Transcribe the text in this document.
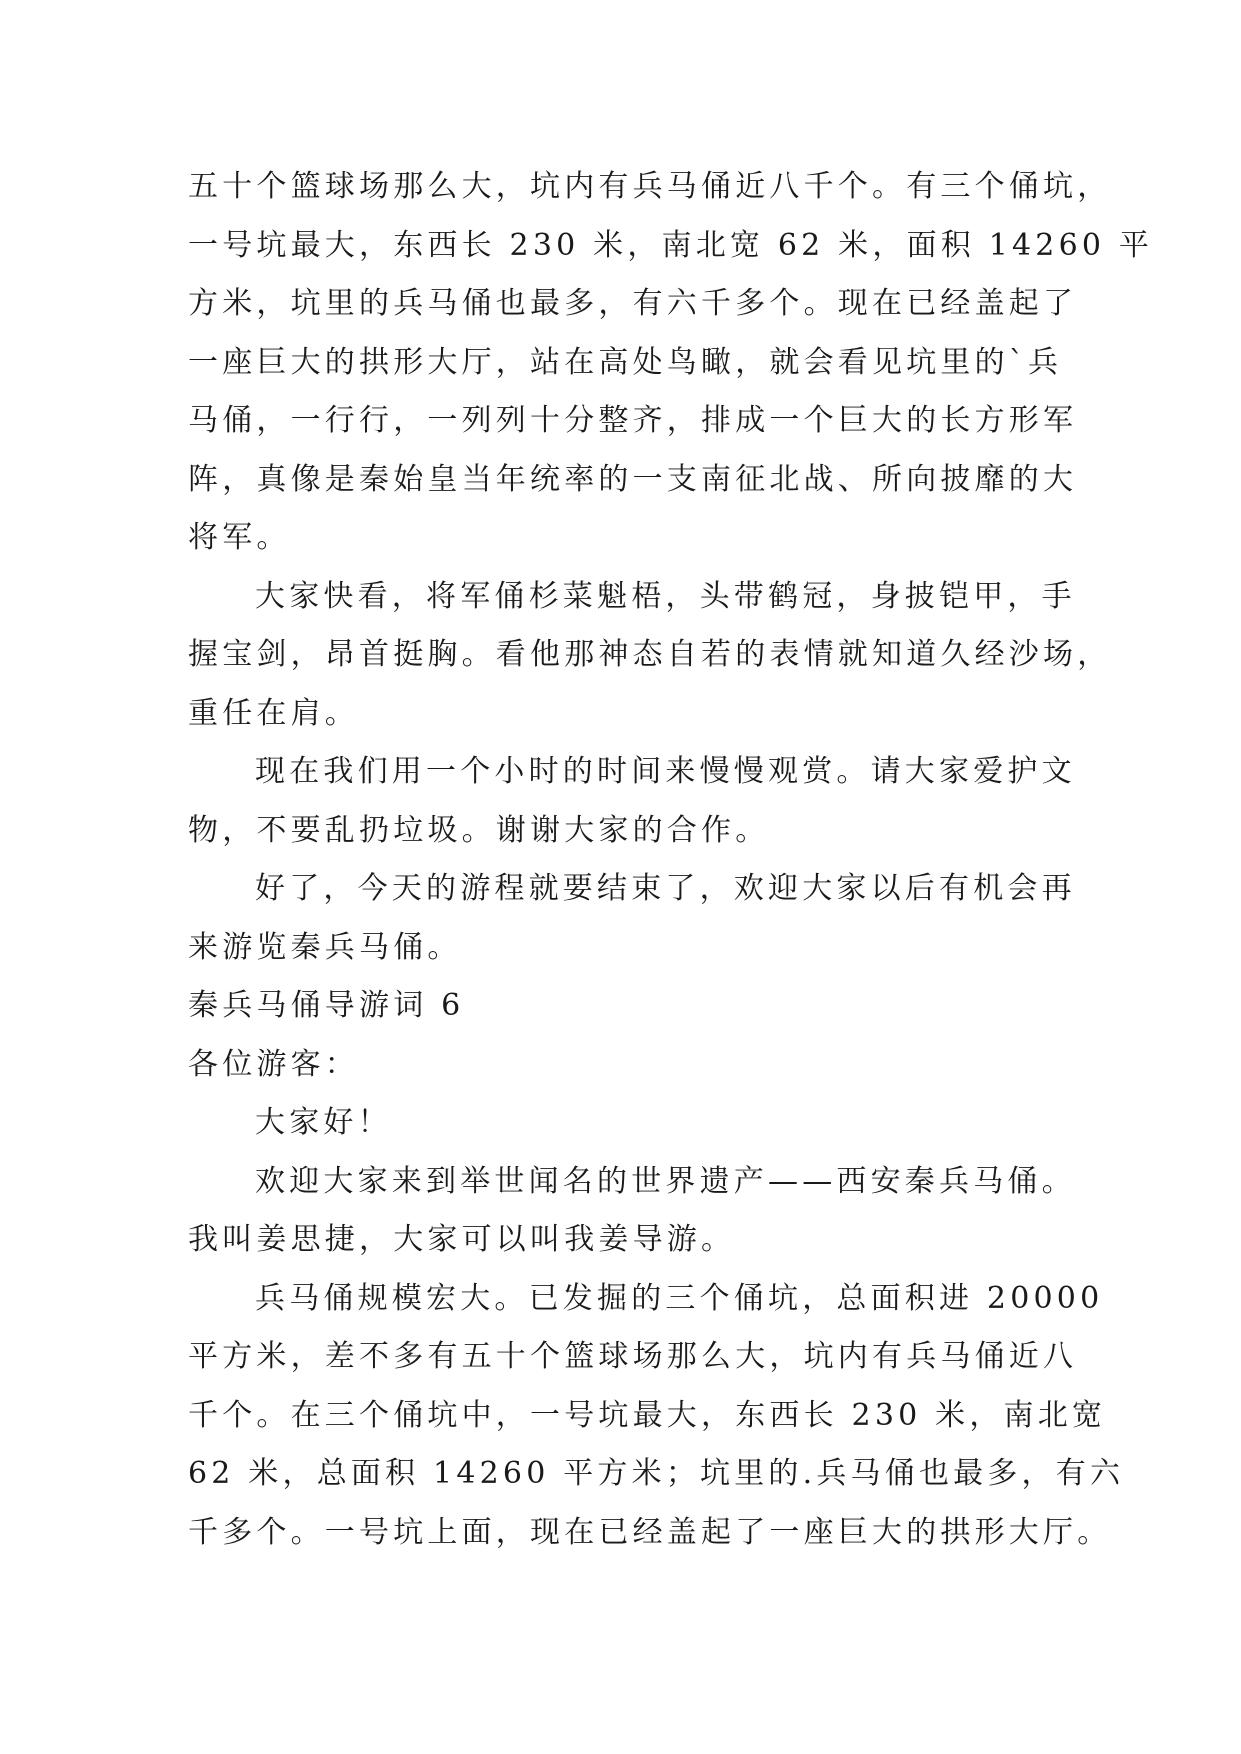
五十个篮球场那么大，坑内有兵马俑近八千个。有三个俑坑，
一号坑最大，东西长 230 米，南北宽 62 米，面积 14260 平
方米，坑里的兵马俑也最多，有六千多个。现在已经盖起了
一座巨大的拱形大厅，站在高处鸟瞰，就会看见坑里的`兵
马俑，一行行，一列列十分整齐，排成一个巨大的长方形军
阵，真像是秦始皇当年统率的一支南征北战、所向披靡的大
将军。

大家快看，将军俑杉菜魁梧，头带鹤冠，身披铠甲，手
握宝剑，昂首挺胸。看他那神态自若的表情就知道久经沙场，
重任在肩。

现在我们用一个小时的时间来慢慢观赏。请大家爱护文
物，不要乱扔垃圾。谢谢大家的合作。

好了，今天的游程就要结束了，欢迎大家以后有机会再
来游览秦兵马俑。

秦兵马俑导游词 6

各位游客：

大家好！

欢迎大家来到举世闻名的世界遗产——西安秦兵马俑。
我叫姜思捷，大家可以叫我姜导游。

兵马俑规模宏大。已发掘的三个俑坑，总面积进 20000
平方米，差不多有五十个篮球场那么大，坑内有兵马俑近八
千个。在三个俑坑中，一号坑最大，东西长 230 米，南北宽
62 米，总面积 14260 平方米；坑里的.兵马俑也最多，有六
千多个。一号坑上面，现在已经盖起了一座巨大的拱形大厅。
